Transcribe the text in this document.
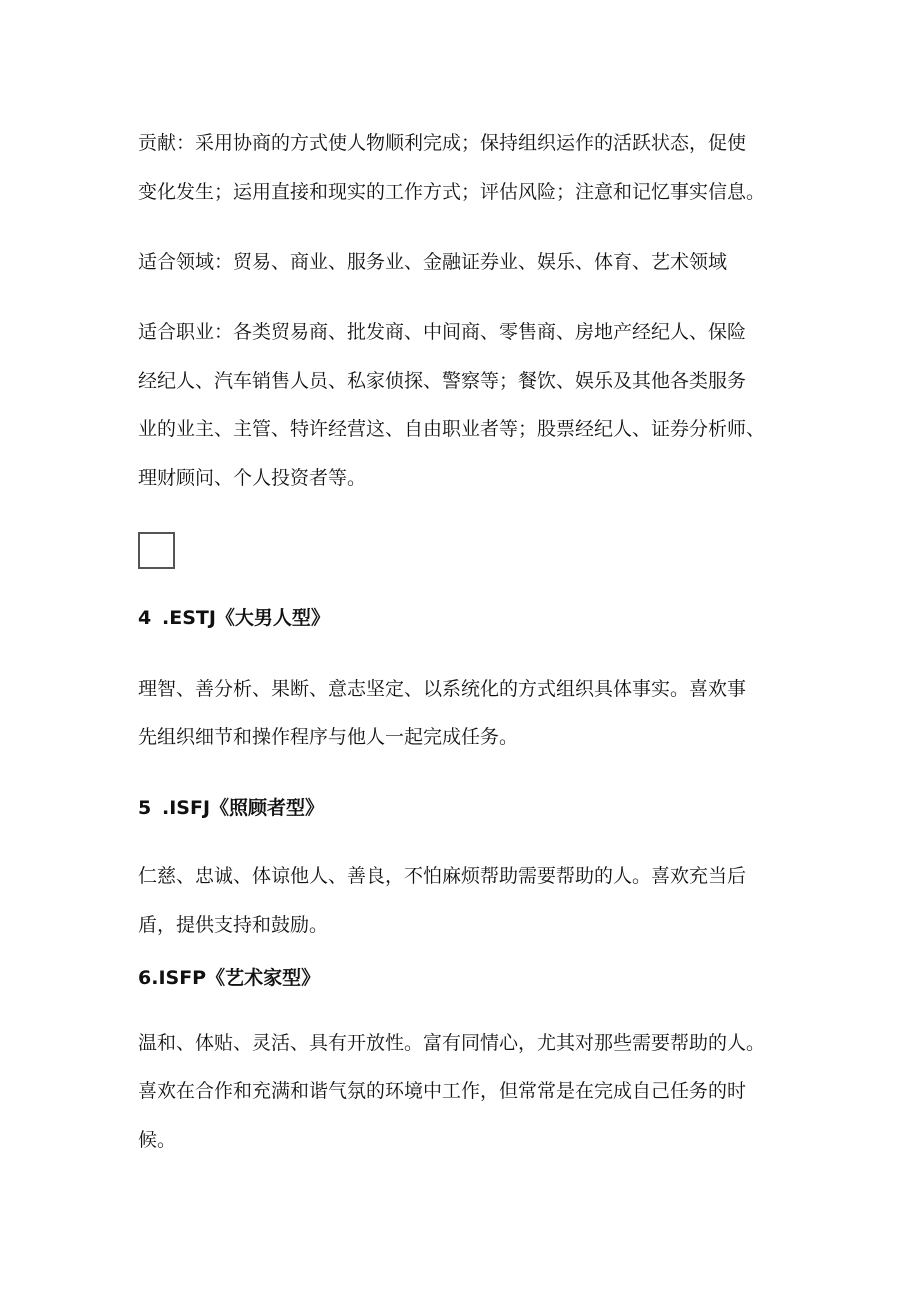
贡献：采用协商的方式使人物顺利完成；保持组织运作的活跃状态，促使
变化发生；运用直接和现实的工作方式；评估风险；注意和记忆事实信息。
适合领域：贸易、商业、服务业、金融证券业、娱乐、体育、艺术领域
适合职业：各类贸易商、批发商、中间商、零售商、房地产经纪人、保险
经纪人、汽车销售人员、私家侦探、警察等；餐饮、娱乐及其他各类服务
业的业主、主管、特许经营这、自由职业者等；股票经纪人、证券分析师、
理财顾问、个人投资者等。
4 .ESTJ《大男人型》
理智、善分析、果断、意志坚定、以系统化的方式组织具体事实。喜欢事
先组织细节和操作程序与他人一起完成任务。
5 .ISFJ《照顾者型》
仁慈、忠诚、体谅他人、善良，不怕麻烦帮助需要帮助的人。喜欢充当后
盾，提供支持和鼓励。
6.ISFP《艺术家型》
温和、体贴、灵活、具有开放性。富有同情心，尤其对那些需要帮助的人。
喜欢在合作和充满和谐气氛的环境中工作，但常常是在完成自己任务的时
候。
